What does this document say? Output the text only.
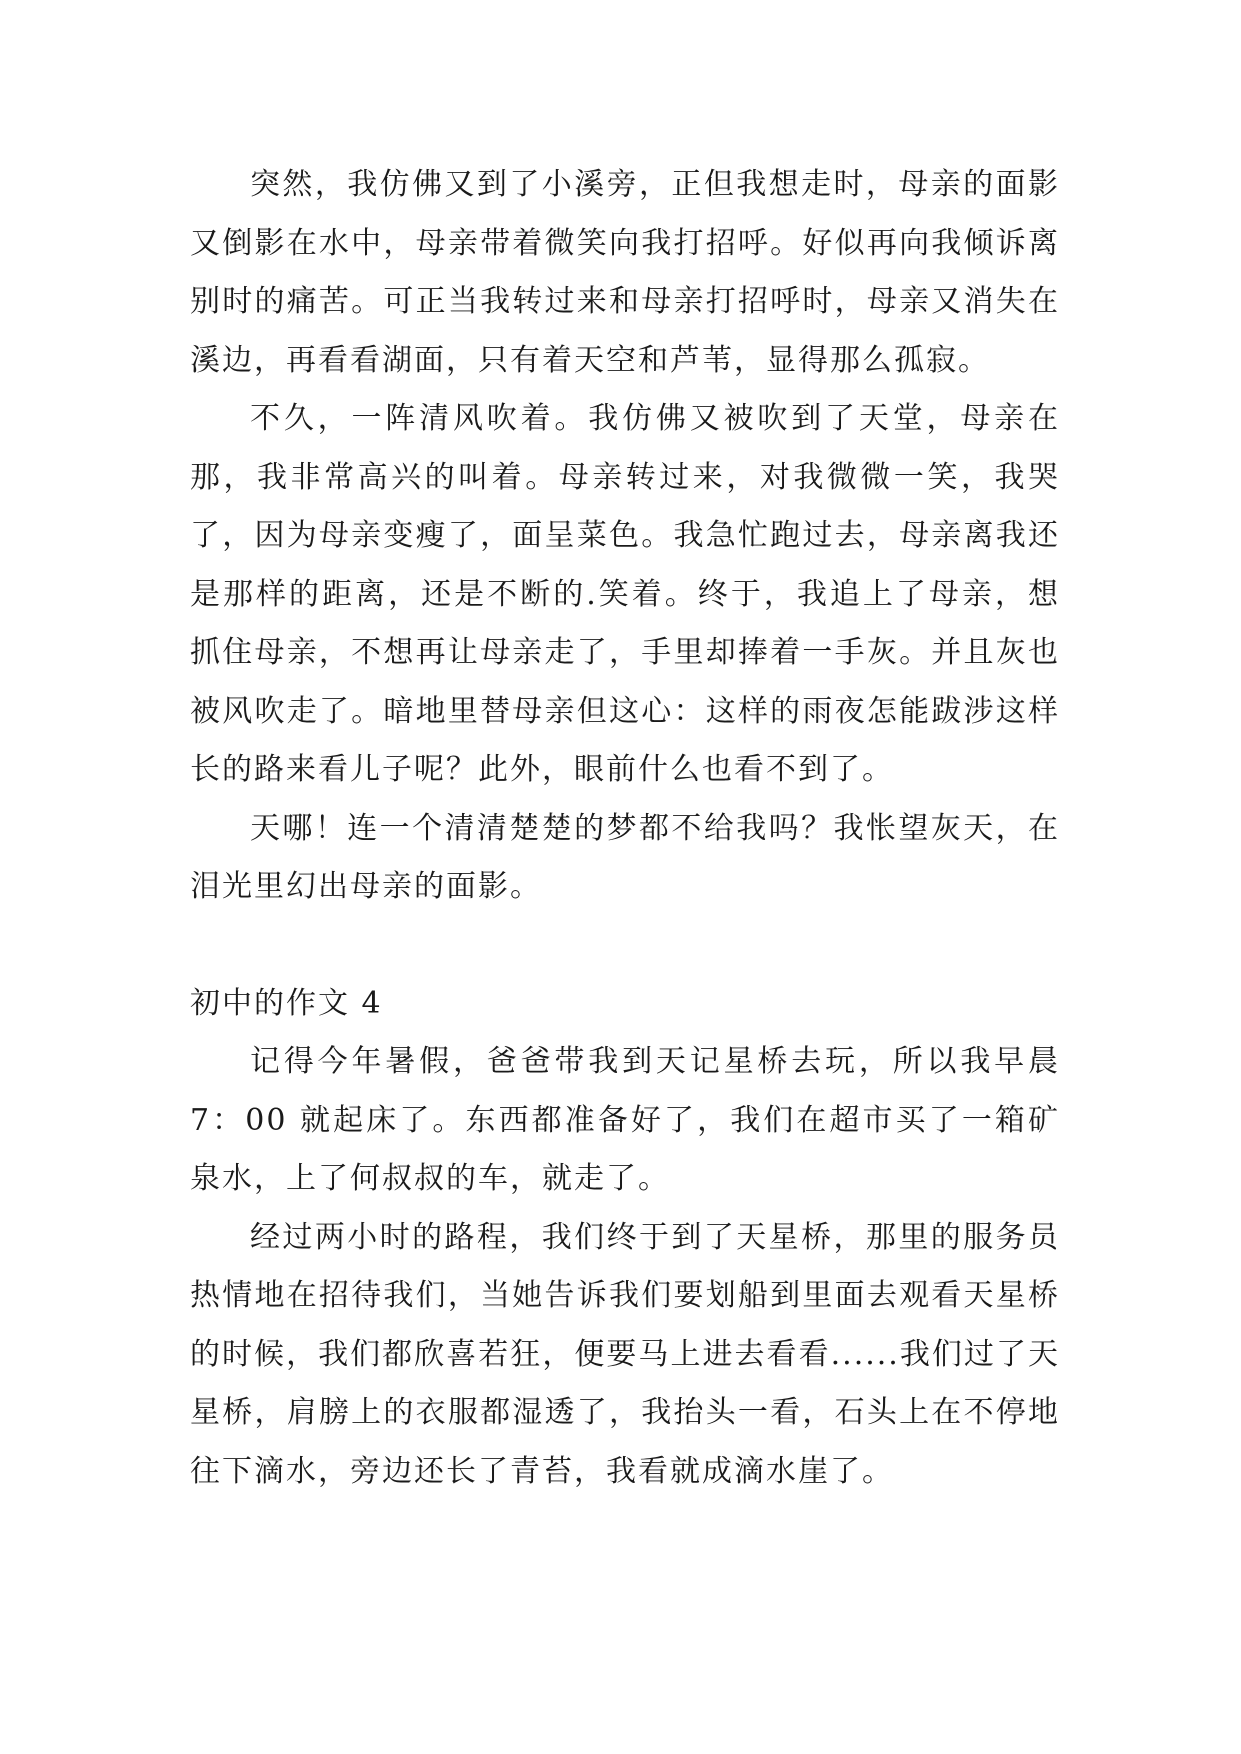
突然，我仿佛又到了小溪旁，正但我想走时，母亲的面影又倒影在水中，母亲带着微笑向我打招呼。好似再向我倾诉离别时的痛苦。可正当我转过来和母亲打招呼时，母亲又消失在溪边，再看看湖面，只有着天空和芦苇，显得那么孤寂。

不久，一阵清风吹着。我仿佛又被吹到了天堂，母亲在那，我非常高兴的叫着。母亲转过来，对我微微一笑，我哭了，因为母亲变瘦了，面呈菜色。我急忙跑过去，母亲离我还是那样的距离，还是不断的.笑着。终于，我追上了母亲，想抓住母亲，不想再让母亲走了，手里却捧着一手灰。并且灰也被风吹走了。暗地里替母亲但这心：这样的雨夜怎能跋涉这样长的路来看儿子呢？此外，眼前什么也看不到了。

天哪！连一个清清楚楚的梦都不给我吗？我怅望灰天，在泪光里幻出母亲的面影。

初中的作文 4

记得今年暑假，爸爸带我到天记星桥去玩，所以我早晨7：00 就起床了。东西都准备好了，我们在超市买了一箱矿泉水，上了何叔叔的车，就走了。

经过两小时的路程，我们终于到了天星桥，那里的服务员热情地在招待我们，当她告诉我们要划船到里面去观看天星桥的时候，我们都欣喜若狂，便要马上进去看看......我们过了天星桥，肩膀上的衣服都湿透了，我抬头一看，石头上在不停地往下滴水，旁边还长了青苔，我看就成滴水崖了。
